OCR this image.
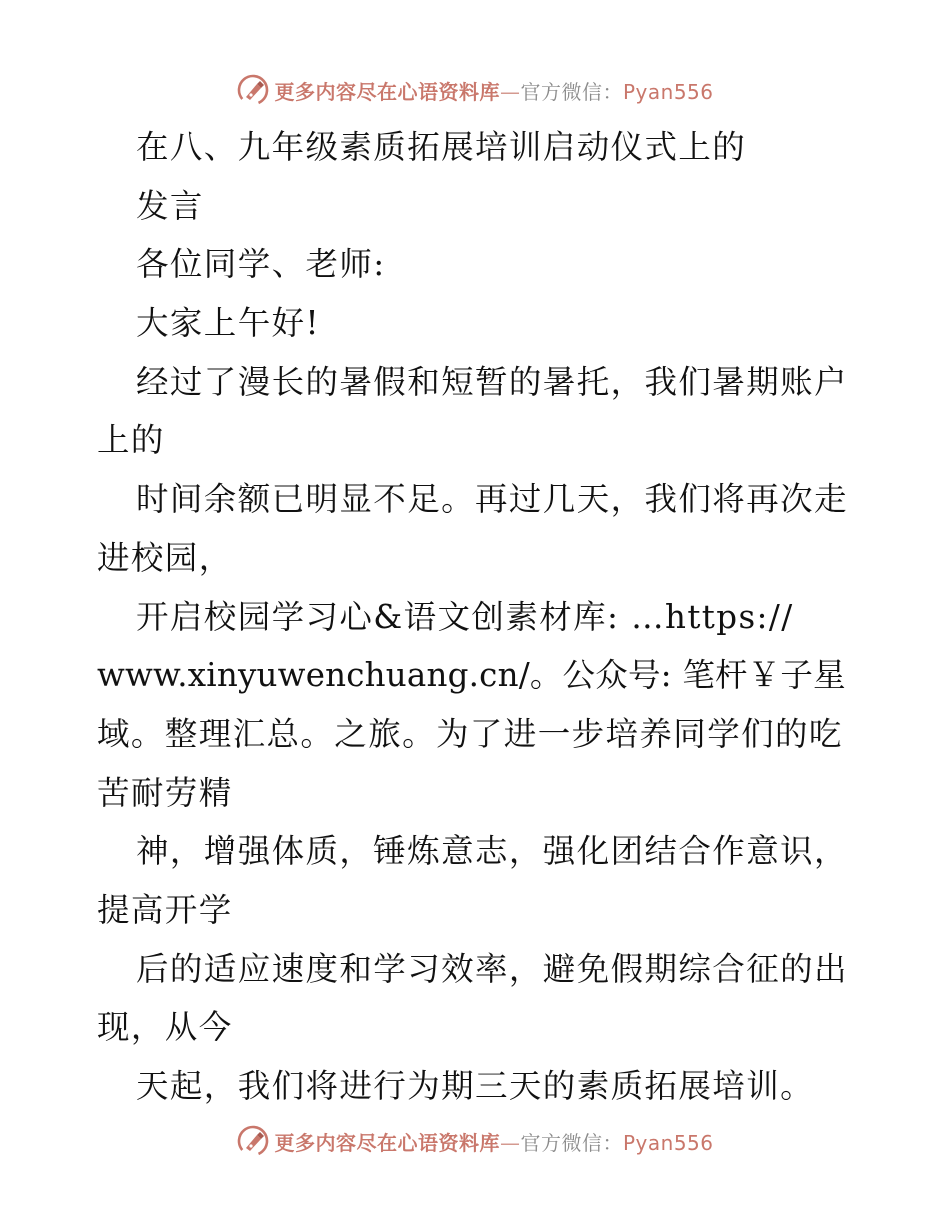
更多内容尽在心语资料库—官方微信：Pyan556
在八、九年级素质拓展培训启动仪式上的
发言
各位同学、老师:
大家上午好!
经过了漫长的暑假和短暂的暑托，我们暑期账户
上的
时间余额已明显不足。再过几天，我们将再次走
进校园，
开启校园学习心&语文创素材库: …https://
www.xinyuwenchuang.cn/。公众号: 笔杆￥子星
域。整理汇总。之旅。为了进一步培养同学们的吃
苦耐劳精
神，增强体质，锤炼意志，强化团结合作意识，
提高开学
后的适应速度和学习效率，避免假期综合征的出
现，从今
天起，我们将进行为期三天的素质拓展培训。
更多内容尽在心语资料库—官方微信：Pyan556
